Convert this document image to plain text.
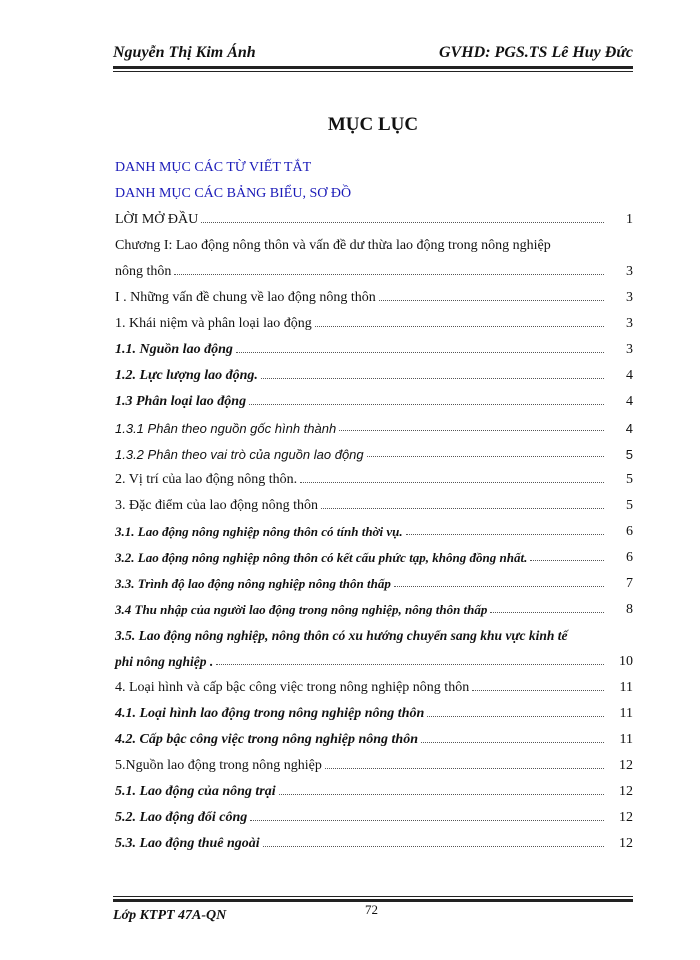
Nguyễn Thị Kim Ánh	GVHD: PGS.TS Lê Huy Đức
MỤC LỤC
DANH MỤC CÁC TỪ VIẾT TẮT
DANH MỤC CÁC BẢNG BIỂU, SƠ ĐỒ
LỜI MỞ ĐẦU	1
Chương I: Lao động nông thôn và vấn đề dư thừa lao động trong nông nghiệp
nông thôn	3
I . Những vấn đề chung về lao động nông thôn	3
1. Khái niệm và phân loại lao động	3
1.1. Nguồn lao động	3
1.2. Lực lượng lao động.	4
1.3 Phân loại lao động	4
1.3.1 Phân theo nguồn gốc hình thành	4
1.3.2 Phân theo vai trò của nguồn lao động	5
2. Vị trí của lao động nông thôn.	5
3. Đặc điểm của lao động nông thôn	5
3.1. Lao động nông nghiệp nông thôn có tính thời vụ.	6
3.2. Lao động nông nghiệp nông thôn có kết cấu phức tạp, không đồng nhất.	6
3.3. Trình độ lao động nông nghiệp nông thôn thấp	7
3.4 Thu nhập của người lao động trong nông nghiệp, nông thôn thấp	8
3.5. Lao động nông nghiệp, nông thôn có xu hướng chuyển sang khu vực kinh tế
phi nông nghiệp .	10
4. Loại hình và cấp bậc công việc trong nông nghiệp nông thôn	11
4.1. Loại hình lao động trong nông nghiệp nông thôn	11
4.2. Cấp bậc công việc trong nông nghiệp nông thôn	11
5.Nguồn lao động trong nông nghiệp	12
5.1. Lao động của nông trại	12
5.2. Lao động đổi công	12
5.3. Lao động thuê ngoài	12
Lớp KTPT 47A-QN	72
